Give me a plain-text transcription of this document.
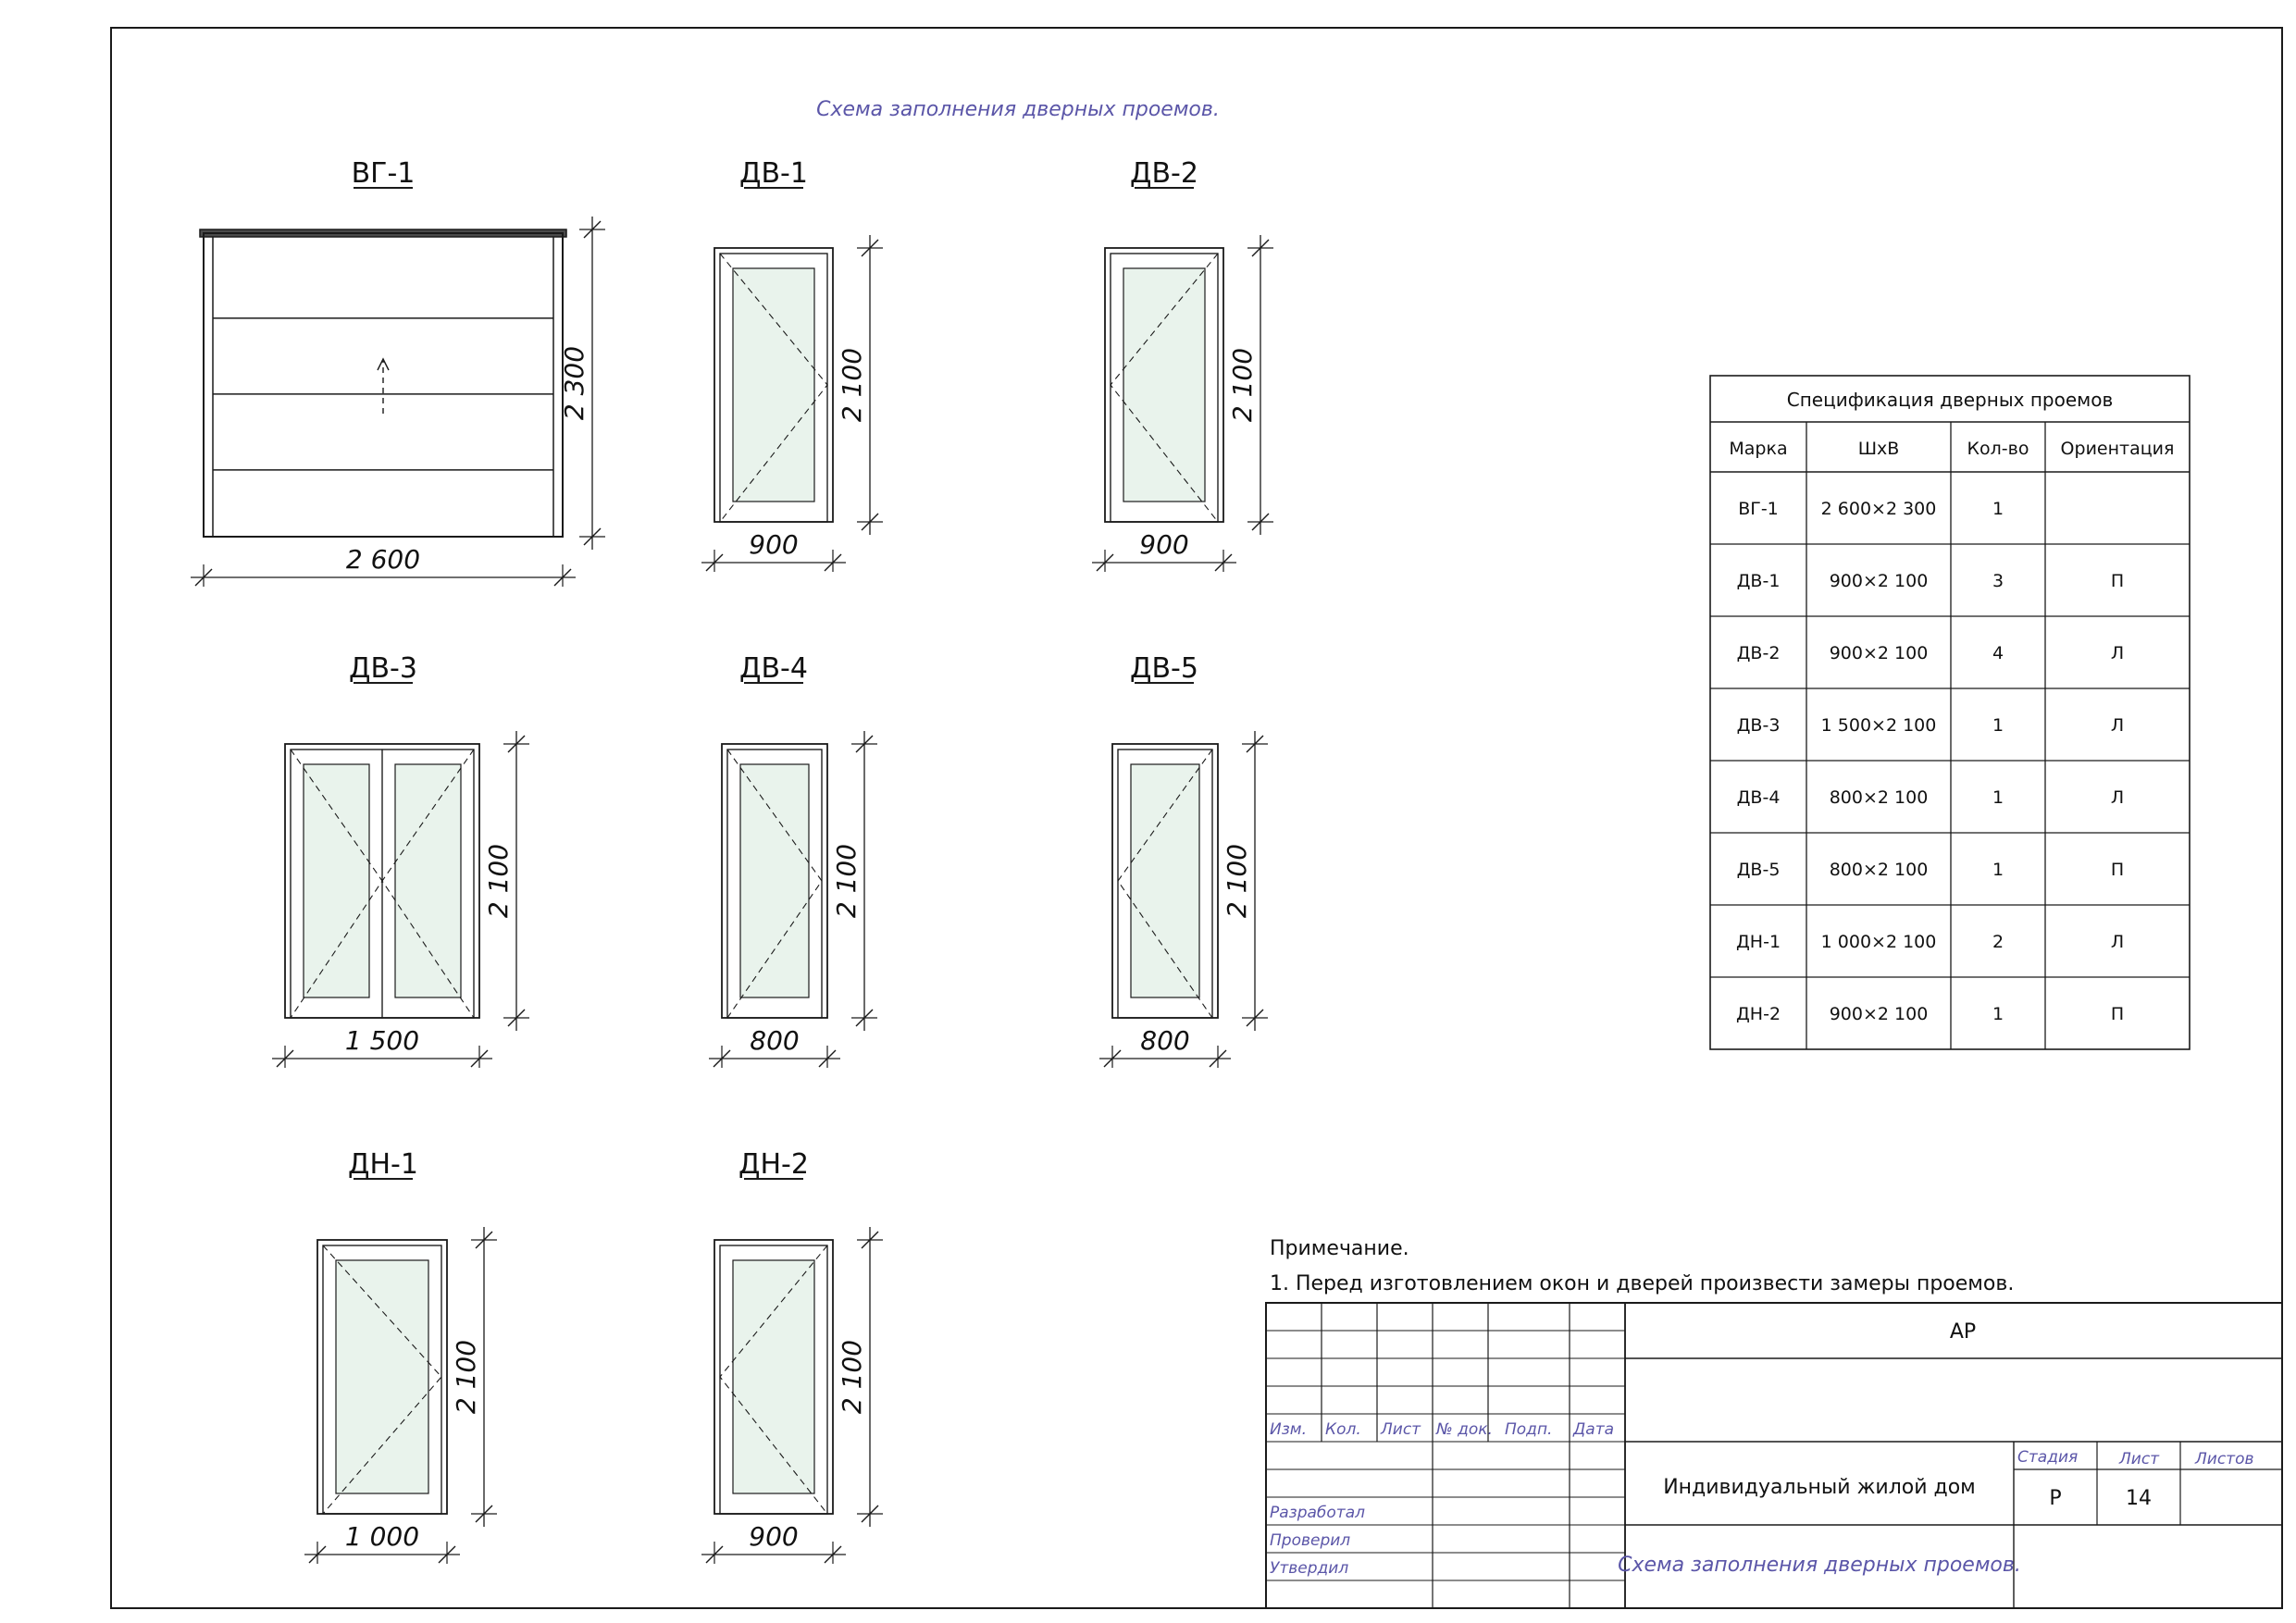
Схема заполнения дверных проемов.
ВГ-1
2 600
2 300
ДВ-1
900
2 100
ДВ-2
900
2 100
ДВ-3
1 500
2 100
ДВ-4
800
2 100
ДВ-5
800
2 100
ДН-1
1 000
2 100
ДН-2
900
2 100
Спецификация дверных проемов
Марка	ШхВ	Кол-во Ориентация
ВГ-1 2 600×2 300	1
ДВ-1	900×2 100	3	П
ДВ-2	900×2 100	4	Л
ДВ-3 1 500×2 100	1	Л
ДВ-4	800×2 100	1	Л
ДВ-5	800×2 100	1	П
ДН-1 1 000×2 100	2	Л
ДН-2	900×2 100	1	П
Примечание.
1. Перед изготовлением окон и дверей произвести замеры проемов.
Изм. Кол. Лист № док. Подп. Дата
Разработал
Проверил
Утвердил
АР
Индивидуальный жилой дом
Схема заполнения дверных проемов.
Стадия	Лист Листов
Р	14
